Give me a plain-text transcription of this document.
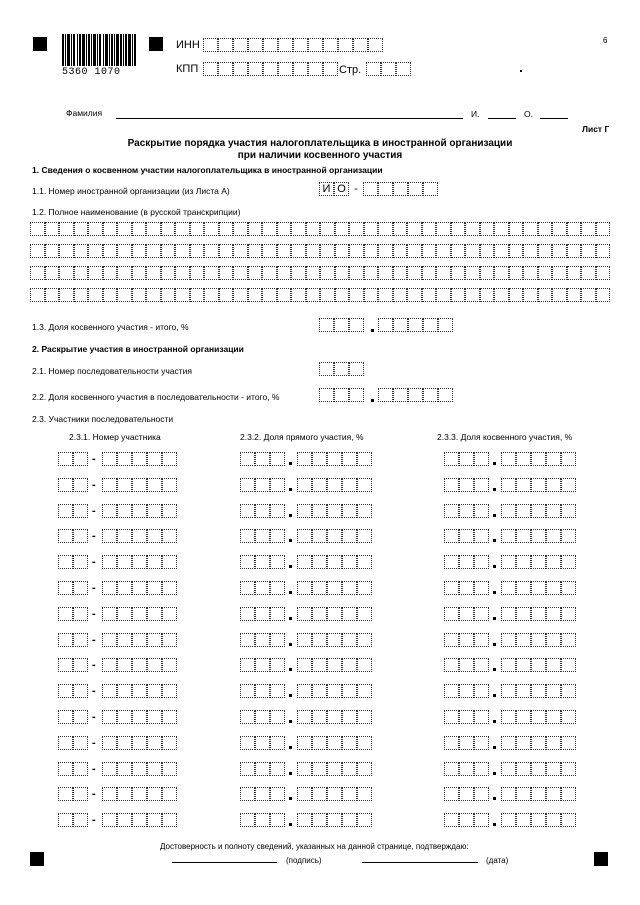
5360 1070
ИНН
КПП	Стр.
6
Фамилия	И.	О.
Лист Г
Раскрытие порядка участия налогоплательщика в иностранной организации
при наличии косвенного участия
1. Сведения о косвенном участии налогоплательщика в иностранной организации
1.1. Номер иностранной организации (из Листа А)	И О -
1.2. Полное наименование (в русской транскрипции)
1.3. Доля косвенного участия - итого, %
2. Раскрытие участия в иностранной организации
2.1. Номер последовательности участия
2.2. Доля косвенного участия в последовательности - итого, %
2.3. Участники последовательности
2.3.1. Номер участника	2.3.2. Доля прямого участия, %	2.3.3. Доля косвенного участия, %
-
-
-
-
-
-
-
-
-
-
-
-
-
-
-
Достоверность и полноту сведений, указанных на данной странице, подтверждаю:
(подпись)	(дата)
